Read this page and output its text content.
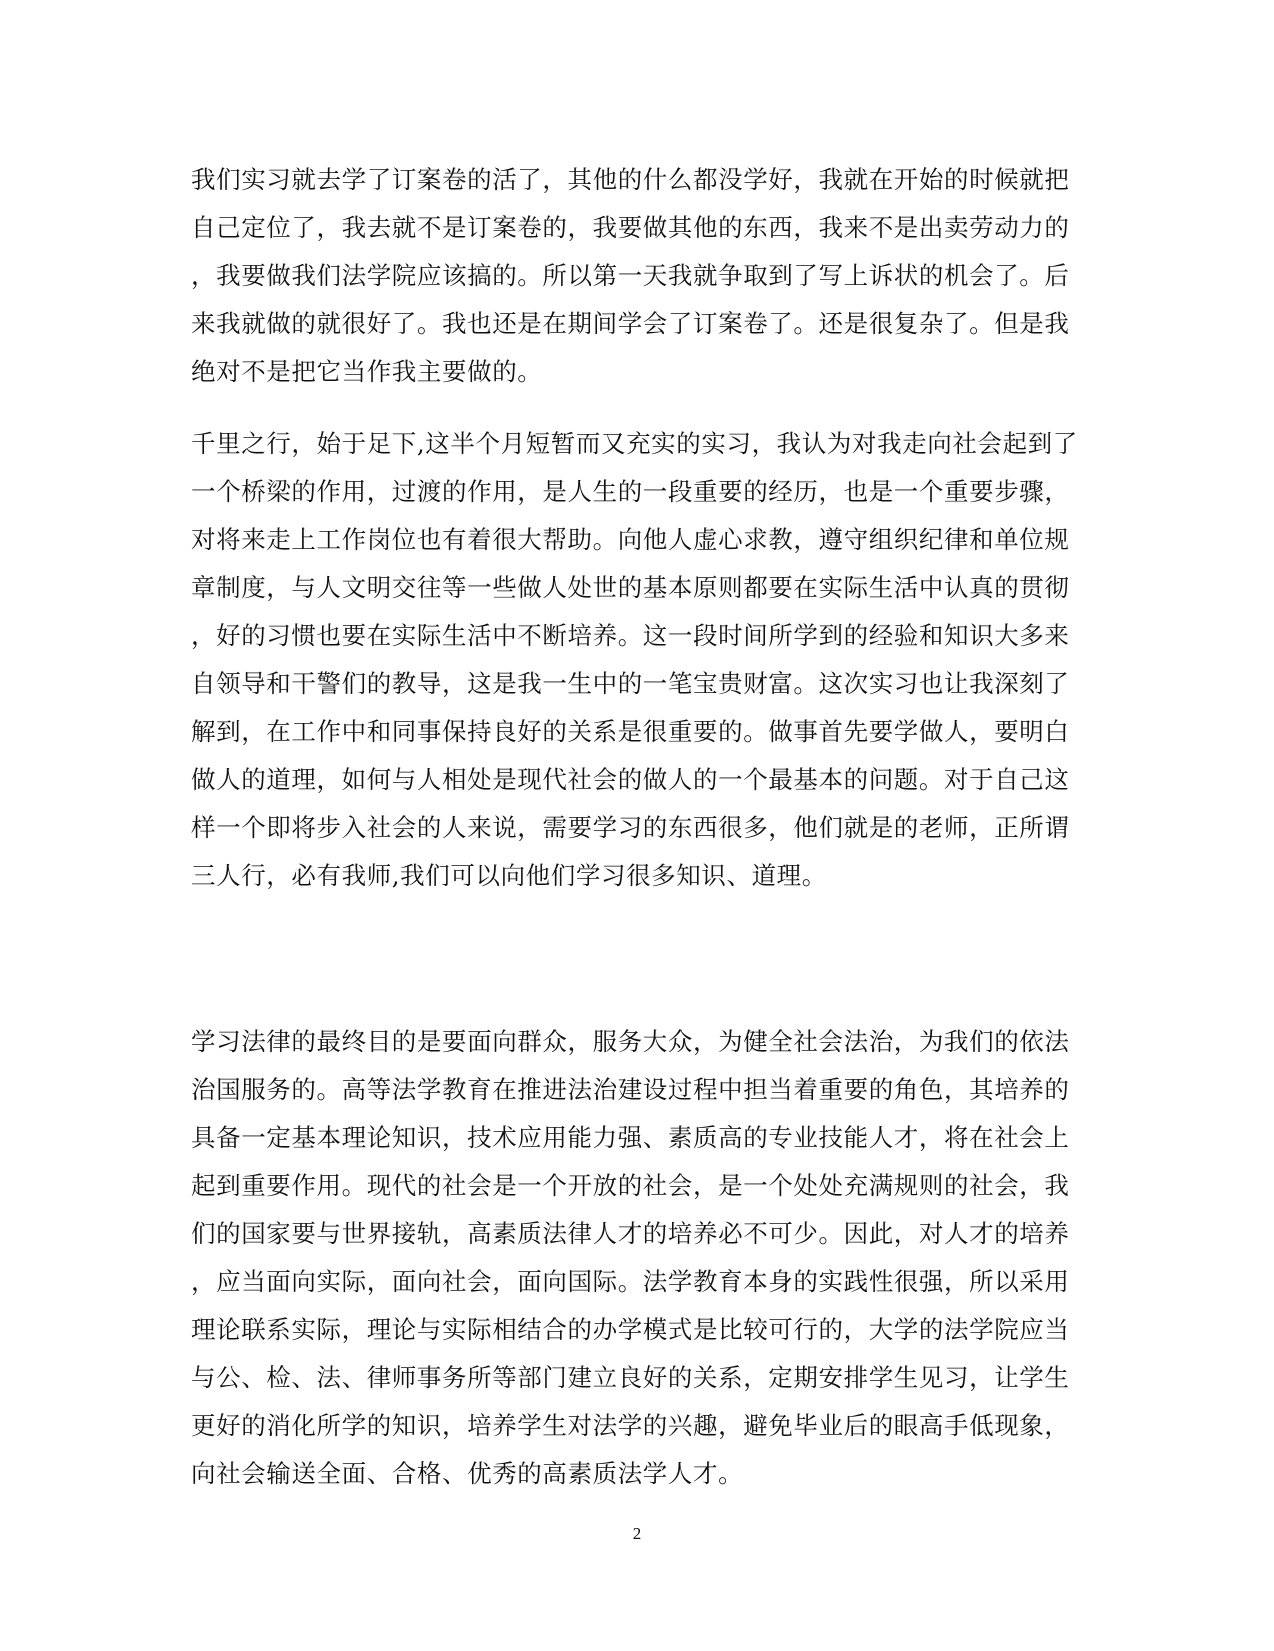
我们实习就去学了订案卷的活了，其他的什么都没学好，我就在开始的时候就把
自己定位了，我去就不是订案卷的，我要做其他的东西，我来不是出卖劳动力的
，我要做我们法学院应该搞的。所以第一天我就争取到了写上诉状的机会了。后
来我就做的就很好了。我也还是在期间学会了订案卷了。还是很复杂了。但是我
绝对不是把它当作我主要做的。
千里之行，始于足下,这半个月短暂而又充实的实习，我认为对我走向社会起到了
一个桥梁的作用，过渡的作用，是人生的一段重要的经历，也是一个重要步骤，
对将来走上工作岗位也有着很大帮助。向他人虚心求教，遵守组织纪律和单位规
章制度，与人文明交往等一些做人处世的基本原则都要在实际生活中认真的贯彻
，好的习惯也要在实际生活中不断培养。这一段时间所学到的经验和知识大多来
自领导和干警们的教导，这是我一生中的一笔宝贵财富。这次实习也让我深刻了
解到，在工作中和同事保持良好的关系是很重要的。做事首先要学做人，要明白
做人的道理，如何与人相处是现代社会的做人的一个最基本的问题。对于自己这
样一个即将步入社会的人来说，需要学习的东西很多，他们就是的老师，正所谓
三人行，必有我师,我们可以向他们学习很多知识、道理。
学习法律的最终目的是要面向群众，服务大众，为健全社会法治，为我们的依法
治国服务的。高等法学教育在推进法治建设过程中担当着重要的角色，其培养的
具备一定基本理论知识，技术应用能力强、素质高的专业技能人才，将在社会上
起到重要作用。现代的社会是一个开放的社会，是一个处处充满规则的社会，我
们的国家要与世界接轨，高素质法律人才的培养必不可少。因此，对人才的培养
，应当面向实际，面向社会，面向国际。法学教育本身的实践性很强，所以采用
理论联系实际，理论与实际相结合的办学模式是比较可行的，大学的法学院应当
与公、检、法、律师事务所等部门建立良好的关系，定期安排学生见习，让学生
更好的消化所学的知识，培养学生对法学的兴趣，避免毕业后的眼高手低现象，
向社会输送全面、合格、优秀的高素质法学人才。
2
